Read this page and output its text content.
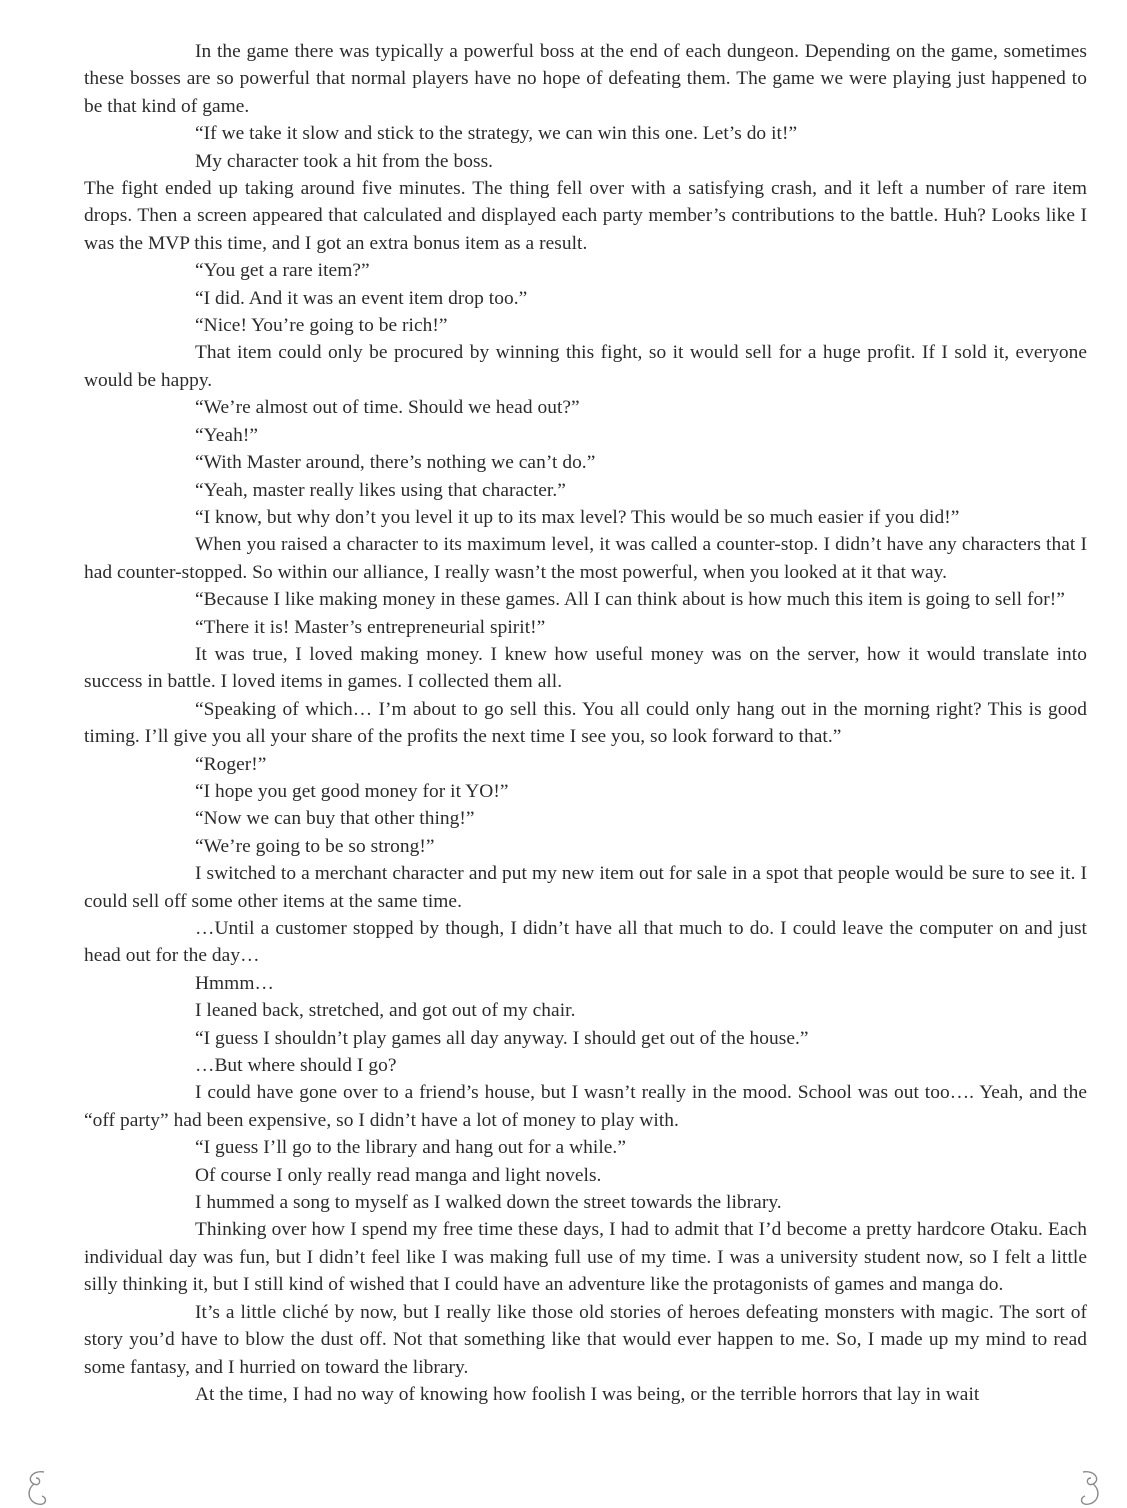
In the game there was typically a powerful boss at the end of each dungeon. Depending on the game, sometimes these bosses are so powerful that normal players have no hope of defeating them. The game we were playing just happened to be that kind of game.

“If we take it slow and stick to the strategy, we can win this one. Let’s do it!”

My character took a hit from the boss.

The fight ended up taking around five minutes. The thing fell over with a satisfying crash, and it left a number of rare item drops. Then a screen appeared that calculated and displayed each party member’s contributions to the battle. Huh? Looks like I was the MVP this time, and I got an extra bonus item as a result.

“You get a rare item?”

“I did. And it was an event item drop too.”

“Nice! You’re going to be rich!”

That item could only be procured by winning this fight, so it would sell for a huge profit. If I sold it, everyone would be happy.

“We’re almost out of time. Should we head out?”

“Yeah!”

“With Master around, there’s nothing we can’t do.”

“Yeah, master really likes using that character.”

“I know, but why don’t you level it up to its max level? This would be so much easier if you did!”

When you raised a character to its maximum level, it was called a counter-stop. I didn’t have any characters that I had counter-stopped. So within our alliance, I really wasn’t the most powerful, when you looked at it that way.

“Because I like making money in these games. All I can think about is how much this item is going to sell for!”

“There it is! Master’s entrepreneurial spirit!”

It was true, I loved making money. I knew how useful money was on the server, how it would translate into success in battle. I loved items in games. I collected them all.

“Speaking of which… I’m about to go sell this. You all could only hang out in the morning right? This is good timing. I’ll give you all your share of the profits the next time I see you, so look forward to that.”

“Roger!”

“I hope you get good money for it YO!”

“Now we can buy that other thing!”

“We’re going to be so strong!”

I switched to a merchant character and put my new item out for sale in a spot that people would be sure to see it. I could sell off some other items at the same time.

…Until a customer stopped by though, I didn’t have all that much to do. I could leave the computer on and just head out for the day…

Hmmm…

I leaned back, stretched, and got out of my chair.

“I guess I shouldn’t play games all day anyway. I should get out of the house.”

…But where should I go?

I could have gone over to a friend’s house, but I wasn’t really in the mood. School was out too…. Yeah, and the “off party” had been expensive, so I didn’t have a lot of money to play with.

“I guess I’ll go to the library and hang out for a while.”

Of course I only really read manga and light novels.

I hummed a song to myself as I walked down the street towards the library.

Thinking over how I spend my free time these days, I had to admit that I’d become a pretty hardcore Otaku. Each individual day was fun, but I didn’t feel like I was making full use of my time. I was a university student now, so I felt a little silly thinking it, but I still kind of wished that I could have an adventure like the protagonists of games and manga do.

It’s a little cliché by now, but I really like those old stories of heroes defeating monsters with magic. The sort of story you’d have to blow the dust off. Not that something like that would ever happen to me. So, I made up my mind to read some fantasy, and I hurried on toward the library.

At the time, I had no way of knowing how foolish I was being, or the terrible horrors that lay in wait
